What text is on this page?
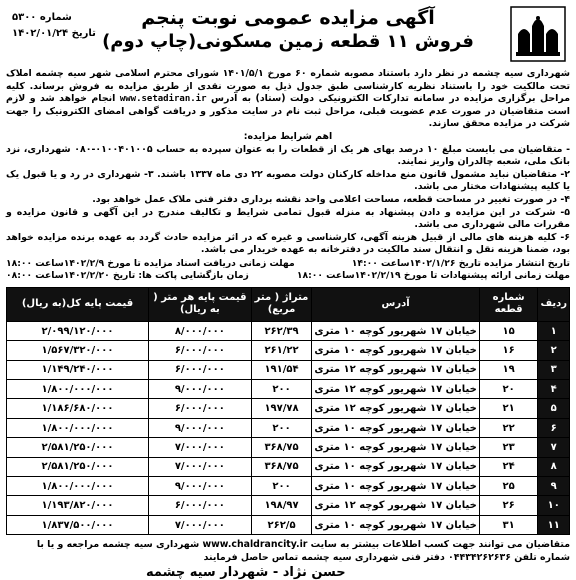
آگهی مزایده عمومی نوبت پنجم
فروش ۱۱ قطعه زمین مسکونی(چاپ دوم)
شماره ۵۳۰۰
تاریخ ۱۴۰۲/۰۱/۲۴

شهرداری سیه چشمه در نظر دارد باستناد مصوبه شماره ۶۰ مورخ ۱۴۰۱/۵/۱ شورای محترم اسلامی شهر سیه چشمه املاک تحت مالکیت خود را باستناد نظریه کارشناسی طبق جدول ذیل به صورت نقدی از طریق مزایده به فروش برساند. کلیه مراحل برگزاری مزایده در سامانه تدارکات الکترونیکی دولت (ستاد) به آدرس www.setadiran.ir انجام خواهد شد و لازم است متقاضیان در صورت عدم عضویت قبلی، مراحل ثبت نام در سایت مذکور و دریافت گواهی امضای الکترونیک را جهت شرکت در مزایده محقق سازند.

اهم شرایط مزایده:

- متقاضیان می بایست مبلغ ۱۰ درصد بهای هر یک از قطعات را به عنوان سپرده به حساب ۰۱۰۰۴۰۱۰۰۵-۰۸۰ شهرداری، نزد بانک ملی، شعبه چالدران واریز نمایند.

۲- متقاضیان نباید مشمول قانون منع مداخله کارکنان دولت مصوبه ۲۲ دی ماه ۱۳۳۷ باشند. ۳- شهرداری در رد و یا قبول یک یا کلیه پیشنهادات مختار می باشد.

۴- در صورت تغییر در مساحت قطعه، مساحت اعلامی واحد نقشه برداری دفتر فنی ملاک عمل خواهد بود.

۵- شرکت در این مزایده و دادن پیشنهاد به منزله قبول تمامی شرایط و تکالیف مندرج در این آگهی و قانون مزایده و مقررات مالی شهرداری می باشد.

۶- کلیه هزینه های مالی از قبیل هزینه آگهی، کارشناسی و غیره که در اثر مزایده حادث گردد به عهده برنده مزایده خواهد بود، ضمنا هزینه نقل و انتقال سند مالکیت در دفترخانه به عهده خریدار می باشد.

تاریخ انتشار مزایده تاریخ ۱۴۰۲/۱/۲۶ساعت ۱۴:۰۰
مهلت زمانی دریافت اسناد مزایده تا مورخ ۱۴۰۲/۲/۹ساعت ۱۸:۰۰
مهلت زمانی ارائه پیشنهادات تا مورخ ۱۴۰۲/۲/۱۹ساعت ۱۸:۰۰
زمان بازگشایی پاکت ها: تاریخ ۱۴۰۲/۲/۲۰ساعت ۰۸:۰۰
ردیف	شماره قطعه	آدرس	متراژ ( متر مربع)	قیمت پایه هر متر ( به ریال)	قیمت پایه کل(به ریال)
۱	۱۵	خیابان ۱۷ شهریور کوچه ۱۰ متری	۲۶۲/۳۹	۸/۰۰۰/۰۰۰	۲/۰۹۹/۱۲۰/۰۰۰
۲	۱۶	خیابان ۱۷ شهریور کوچه ۱۰ متری	۲۶۱/۲۲	۶/۰۰۰/۰۰۰	۱/۵۶۷/۳۲۰/۰۰۰
۳	۱۹	خیابان ۱۷ شهریور کوچه ۱۲ متری	۱۹۱/۵۴	۶/۰۰۰/۰۰۰	۱/۱۴۹/۲۴۰/۰۰۰
۴	۲۰	خیابان ۱۷ شهریور کوچه ۱۲ متری	۲۰۰	۹/۰۰۰/۰۰۰	۱/۸۰۰/۰۰۰/۰۰۰
۵	۲۱	خیابان ۱۷ شهریور کوچه ۱۲ متری	۱۹۷/۷۸	۶/۰۰۰/۰۰۰	۱/۱۸۶/۶۸۰/۰۰۰
۶	۲۲	خیابان ۱۷ شهریور کوچه ۱۰ متری	۲۰۰	۹/۰۰۰/۰۰۰	۱/۸۰۰/۰۰۰/۰۰۰
۷	۲۳	خیابان ۱۷ شهریور کوچه ۱۰ متری	۳۶۸/۷۵	۷/۰۰۰/۰۰۰	۲/۵۸۱/۲۵۰/۰۰۰
۸	۲۴	خیابان ۱۷ شهریور کوچه ۱۰ متری	۳۶۸/۷۵	۷/۰۰۰/۰۰۰	۲/۵۸۱/۲۵۰/۰۰۰
۹	۲۵	خیابان ۱۷ شهریور کوچه ۱۰ متری	۲۰۰	۹/۰۰۰/۰۰۰	۱/۸۰۰/۰۰۰/۰۰۰
۱۰	۲۶	خیابان ۱۷ شهریور کوچه ۱۲ متری	۱۹۸/۹۷	۶/۰۰۰/۰۰۰	۱/۱۹۳/۸۲۰/۰۰۰
۱۱	۳۱	خیابان ۱۷ شهریور کوچه ۱۰ متری	۲۶۲/۵	۷/۰۰۰/۰۰۰	۱/۸۳۷/۵۰۰/۰۰۰
متقاضیان می توانند جهت کسب اطلاعات بیشتر به سایت www.chaldrancity.ir شهرداری سیه چشمه مراجعه و یا با شماره تلفن ۰۴۴۳۴۲۶۲۶۳۶ دفتر فنی شهرداری سیه چشمه تماس حاصل فرمایند
حسن نژاد - شهردار سیه چشمه
